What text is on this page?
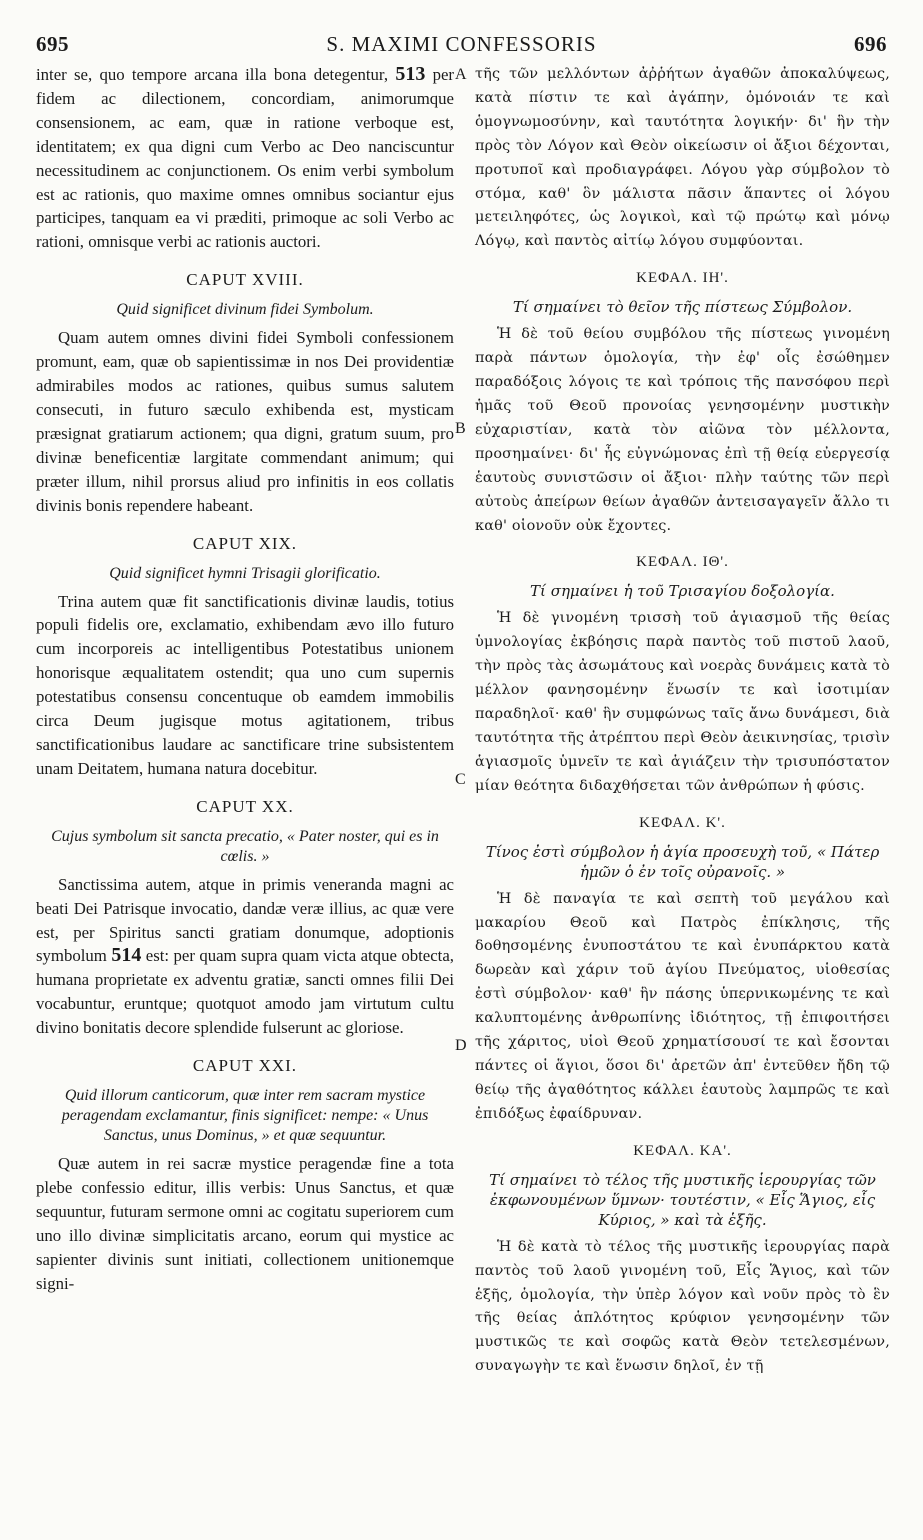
695	S. MAXIMI CONFESSORIS	696
A
B
C
D

inter se, quo tempore arcana illa bona detegentur, 513 per fidem ac dilectionem, concordiam, animorumque consensionem, ac eam, quæ in ratione verboque est, identitatem; ex qua digni cum Verbo ac Deo nanciscuntur necessitudinem ac conjunctionem. Os enim verbi symbolum est ac rationis, quo maxime omnes omnibus sociantur ejus participes, tanquam ea vi præditi, primoque ac soli Verbo ac rationi, omnisque verbi ac rationis auctori.

CAPUT XVIII.
Quid significet divinum fidei Symbolum.

Quam autem omnes divini fidei Symboli confessionem promunt, eam, quæ ob sapientissimæ in nos Dei providentiæ admirabiles modos ac rationes, quibus sumus salutem consecuti, in futuro sæculo exhibenda est, mysticam præsignat gratiarum actionem; qua digni, gratum suum, pro divinæ beneficentiæ largitate commendant animum; qui præter illum, nihil prorsus aliud pro infinitis in eos collatis divinis bonis rependere habeant.

CAPUT XIX.
Quid significet hymni Trisagii glorificatio.

Trina autem quæ fit sanctificationis divinæ laudis, totius populi fidelis ore, exclamatio, exhibendam ævo illo futuro cum incorporeis ac intelligentibus Potestatibus unionem honorisque æqualitatem ostendit; qua uno cum supernis potestatibus consensu concentuque ob eamdem immobilis circa Deum jugisque motus agitationem, tribus sanctificationibus laudare ac sanctificare trine subsistentem unam Deitatem, humana natura docebitur.

CAPUT XX.
Cujus symbolum sit sancta precatio, « Pater noster, qui es in cœlis. »

Sanctissima autem, atque in primis veneranda magni ac beati Dei Patrisque invocatio, dandæ veræ illius, ac quæ vere est, per Spiritus sancti gratiam donumque, adoptionis symbolum 514 est: per quam supra quam victa atque obtecta, humana proprietate ex adventu gratiæ, sancti omnes filii Dei vocabuntur, eruntque; quotquot amodo jam virtutum cultu divino bonitatis decore splendide fulserunt ac gloriose.

CAPUT XXI.
Quid illorum canticorum, quæ inter rem sacram mystice peragendam exclamantur, finis significet: nempe: « Unus Sanctus, unus Dominus, » et quæ sequuntur.

Quæ autem in rei sacræ mystice peragendæ fine a tota plebe confessio editur, illis verbis: Unus Sanctus, et quæ sequuntur, futuram sermone omni ac cogitatu superiorem cum uno illo divinæ simplicitatis arcano, eorum qui mystice ac sapienter divinis sunt initiati, collectionem unitionemque signi-

τῆς τῶν μελλόντων ἀῤῥήτων ἀγαθῶν ἀποκαλύψεως, κατὰ πίστιν τε καὶ ἀγάπην, ὁμόνοιάν τε καὶ ὁμογνωμοσύνην, καὶ ταυτότητα λογικήν· δι' ἣν τὴν πρὸς τὸν Λόγον καὶ Θεὸν οἰκείωσιν οἱ ἄξιοι δέχονται, προτυποῖ καὶ προδιαγράφει. Λόγου γὰρ σύμβολον τὸ στόμα, καθ' ὃν μάλιστα πᾶσιν ἅπαντες οἱ λόγου μετειληφότες, ὡς λογικοὶ, καὶ τῷ πρώτῳ καὶ μόνῳ Λόγῳ, καὶ παντὸς αἰτίῳ λόγου συμφύονται.

ΚΕΦΑΛ. ΙΗ'.
Τί σημαίνει τὸ θεῖον τῆς πίστεως Σύμβολον.

Ἡ δὲ τοῦ θείου συμβόλου τῆς πίστεως γινομένη παρὰ πάντων ὁμολογία, τὴν ἐφ' οἷς ἐσώθημεν παραδόξοις λόγοις τε καὶ τρόποις τῆς πανσόφου περὶ ἡμᾶς τοῦ Θεοῦ προνοίας γενησομένην μυστικὴν εὐχαριστίαν, κατὰ τὸν αἰῶνα τὸν μέλλοντα, προσημαίνει· δι' ἧς εὐγνώμονας ἐπὶ τῇ θείᾳ εὐεργεσίᾳ ἑαυτοὺς συνιστῶσιν οἱ ἄξιοι· πλὴν ταύτης τῶν περὶ αὐτοὺς ἀπείρων θείων ἀγαθῶν ἀντεισαγαγεῖν ἄλλο τι καθ' οἱονοῦν οὐκ ἔχοντες.

ΚΕΦΑΛ. ΙΘ'.
Τί σημαίνει ἡ τοῦ Τρισαγίου δοξολογία.

Ἡ δὲ γινομένη τρισσὴ τοῦ ἁγιασμοῦ τῆς θείας ὑμνολογίας ἐκβόησις παρὰ παντὸς τοῦ πιστοῦ λαοῦ, τὴν πρὸς τὰς ἀσωμάτους καὶ νοερὰς δυνάμεις κατὰ τὸ μέλλον φανησομένην ἕνωσίν τε καὶ ἰσοτιμίαν παραδηλοῖ· καθ' ἣν συμφώνως ταῖς ἄνω δυνάμεσι, διὰ ταυτότητα τῆς ἀτρέπτου περὶ Θεὸν ἀεικινησίας, τρισὶν ἁγιασμοῖς ὑμνεῖν τε καὶ ἁγιάζειν τὴν τρισυπόστατον μίαν θεότητα διδαχθήσεται τῶν ἀνθρώπων ἡ φύσις.

ΚΕΦΑΛ. Κ'.
Τίνος ἐστὶ σύμβολον ἡ ἁγία προσευχὴ τοῦ, « Πάτερ ἡμῶν ὁ ἐν τοῖς οὐρανοῖς. »

Ἡ δὲ παναγία τε καὶ σεπτὴ τοῦ μεγάλου καὶ μακαρίου Θεοῦ καὶ Πατρὸς ἐπίκλησις, τῆς δοθησομένης ἐνυποστάτου τε καὶ ἐνυπάρκτου κατὰ δωρεὰν καὶ χάριν τοῦ ἁγίου Πνεύματος, υἱοθεσίας ἐστὶ σύμβολον· καθ' ἣν πάσης ὑπερνικωμένης τε καὶ καλυπτομένης ἀνθρωπίνης ἰδιότητος, τῇ ἐπιφοιτήσει τῆς χάριτος, υἱοὶ Θεοῦ χρηματίσουσί τε καὶ ἔσονται πάντες οἱ ἅγιοι, ὅσοι δι' ἀρετῶν ἀπ' ἐντεῦθεν ἤδη τῷ θείῳ τῆς ἀγαθότητος κάλλει ἑαυτοὺς λαμπρῶς τε καὶ ἐπιδόξως ἐφαίδρυναν.

ΚΕΦΑΛ. ΚΑ'.
Τί σημαίνει τὸ τέλος τῆς μυστικῆς ἱερουργίας τῶν ἐκφωνουμένων ὕμνων· τουτέστιν, « Εἷς Ἅγιος, εἷς Κύριος, » καὶ τὰ ἑξῆς.

Ἡ δὲ κατὰ τὸ τέλος τῆς μυστικῆς ἱερουργίας παρὰ παντὸς τοῦ λαοῦ γινομένη τοῦ, Εἷς Ἅγιος, καὶ τῶν ἑξῆς, ὁμολογία, τὴν ὑπὲρ λόγον καὶ νοῦν πρὸς τὸ ἓν τῆς θείας ἁπλότητος κρύφιον γενησομένην τῶν μυστικῶς τε καὶ σοφῶς κατὰ Θεὸν τετελεσμένων, συναγωγὴν τε καὶ ἕνωσιν δηλοῖ, ἐν τῇ
